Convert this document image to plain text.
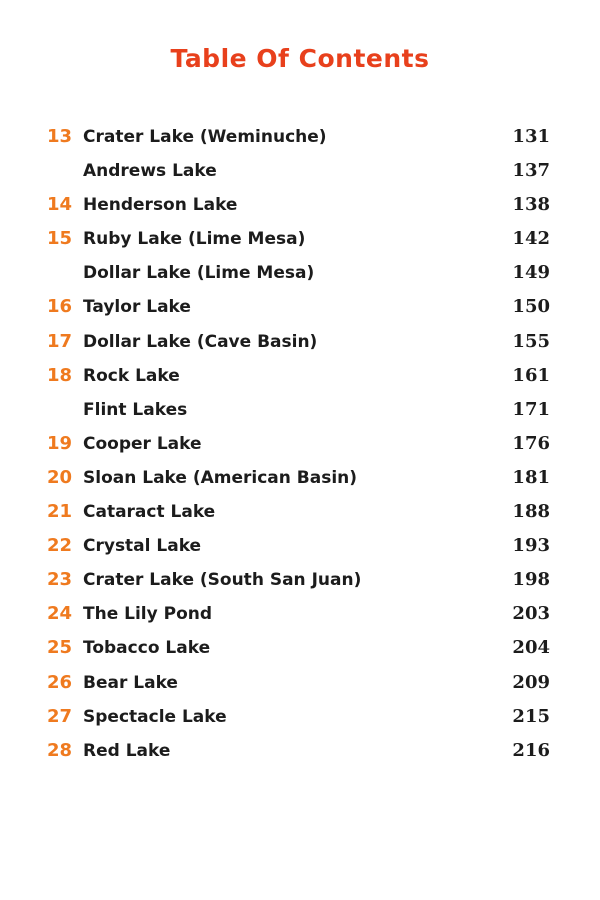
Table Of Contents
13 Crater Lake (Weminuche)	131
Andrews Lake	137
14 Henderson Lake	138
15 Ruby Lake (Lime Mesa)	142
Dollar Lake (Lime Mesa)	149
16 Taylor Lake	150
17 Dollar Lake (Cave Basin)	155
18 Rock Lake	161
Flint Lakes	171
19 Cooper Lake	176
20 Sloan Lake (American Basin)	181
21 Cataract Lake	188
22 Crystal Lake	193
23 Crater Lake (South San Juan)	198
24 The Lily Pond	203
25 Tobacco Lake	204
26 Bear Lake	209
27 Spectacle Lake	215
28 Red Lake	216
